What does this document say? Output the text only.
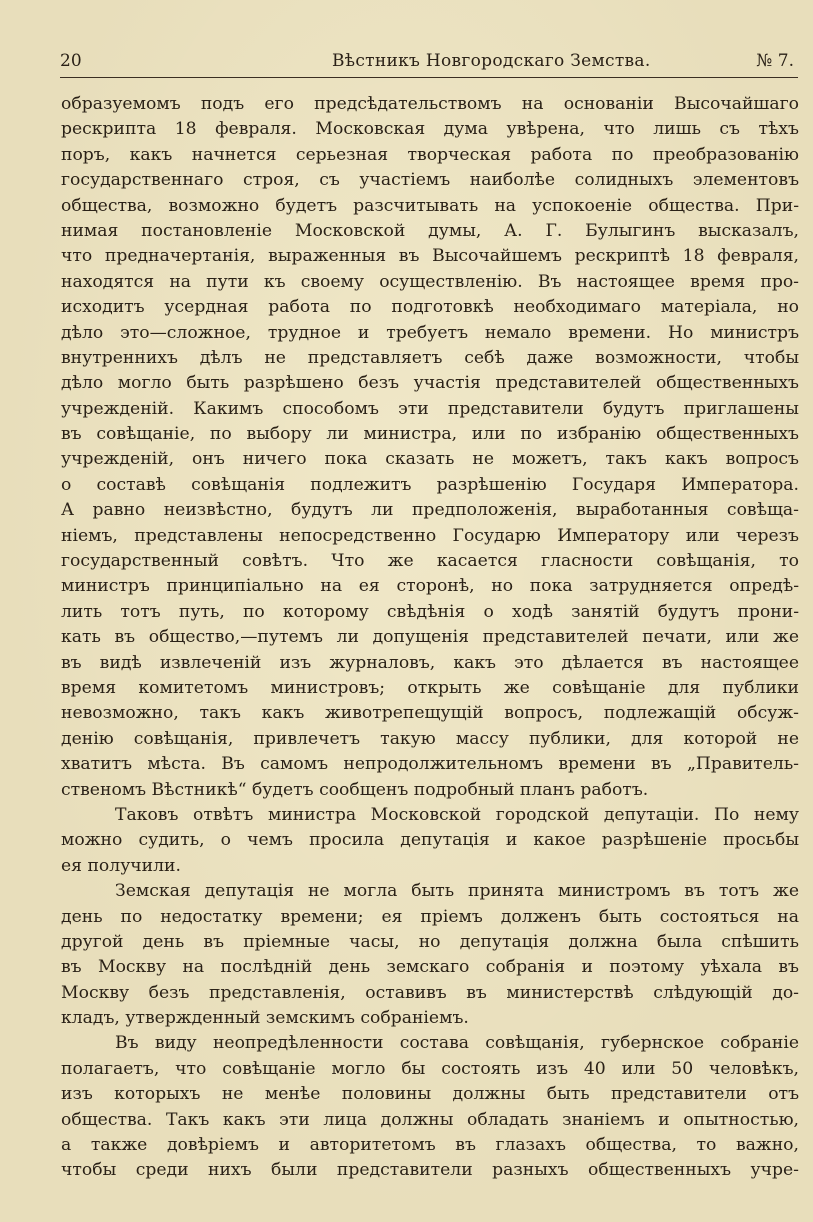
20	Вѣстникъ Новгородскаго Земства.	№ 7.
образуемомъ подъ его предсѣдательствомъ на основаніи Высочайшаго
рескрипта 18 февраля. Московская дума увѣрена, что лишь съ тѣхъ
поръ, какъ начнется серьезная творческая работа по преобразованію
государственнаго строя, съ участіемъ наиболѣе солидныхъ элементовъ
общества, возможно будетъ разсчитывать на успокоеніе общества. При-
нимая постановленіе Московской думы, А. Г. Булыгинъ высказалъ,
что предначертанія, выраженныя въ Высочайшемъ рескриптѣ 18 февраля,
находятся на пути къ своему осуществленію. Въ настоящее время про-
исходитъ усердная работа по подготовкѣ необходимаго матеріала, но
дѣло это—сложное, трудное и требуетъ немало времени. Но министръ
внутреннихъ дѣлъ не представляетъ себѣ даже возможности, чтобы
дѣло могло быть разрѣшено безъ участія представителей общественныхъ
учрежденій. Какимъ способомъ эти представители будутъ приглашены
въ совѣщаніе, по выбору ли министра, или по избранію общественныхъ
учрежденій, онъ ничего пока сказать не можетъ, такъ какъ вопросъ
о составѣ совѣщанія подлежитъ разрѣшенію Государя Императора.
А равно неизвѣстно, будутъ ли предположенія, выработанныя совѣща-
ніемъ, представлены непосредственно Государю Императору или черезъ
государственный совѣтъ. Что же касается гласности совѣщанія, то
министръ принципіально на ея сторонѣ, но пока затрудняется опредѣ-
лить тотъ путь, по которому свѣдѣнія о ходѣ занятій будутъ прони-
кать въ общество,—путемъ ли допущенія представителей печати, или же
въ видѣ извлеченій изъ журналовъ, какъ это дѣлается въ настоящее
время комитетомъ министровъ; открыть же совѣщаніе для публики
невозможно, такъ какъ животрепещущій вопросъ, подлежащій обсуж-
денію совѣщанія, привлечетъ такую массу публики, для которой не
хватитъ мѣста. Въ самомъ непродолжительномъ времени въ „Правитель-
ственомъ Вѣстникѣ“ будетъ сообщенъ подробный планъ работъ.
Таковъ отвѣтъ министра Московской городской депутаціи. По нему
можно судить, о чемъ просила депутація и какое разрѣшеніе просьбы
ея получили.
Земская депутація не могла быть принята министромъ въ тотъ же
день по недостатку времени; ея пріемъ долженъ быть состояться на
другой день въ пріемные часы, но депутація должна была спѣшить
въ Москву на послѣдній день земскаго собранія и поэтому уѣхала въ
Москву безъ представленія, оставивъ въ министерствѣ слѣдующій до-
кладъ, утвержденный земскимъ собраніемъ.
Въ виду неопредѣленности состава совѣщанія, губернское собраніе
полагаетъ, что совѣщаніе могло бы состоять изъ 40 или 50 человѣкъ,
изъ которыхъ не менѣе половины должны быть представители отъ
общества. Такъ какъ эти лица должны обладать знаніемъ и опытностью,
а также довѣріемъ и авторитетомъ въ глазахъ общества, то важно,
чтобы среди нихъ были представители разныхъ общественныхъ учре-
